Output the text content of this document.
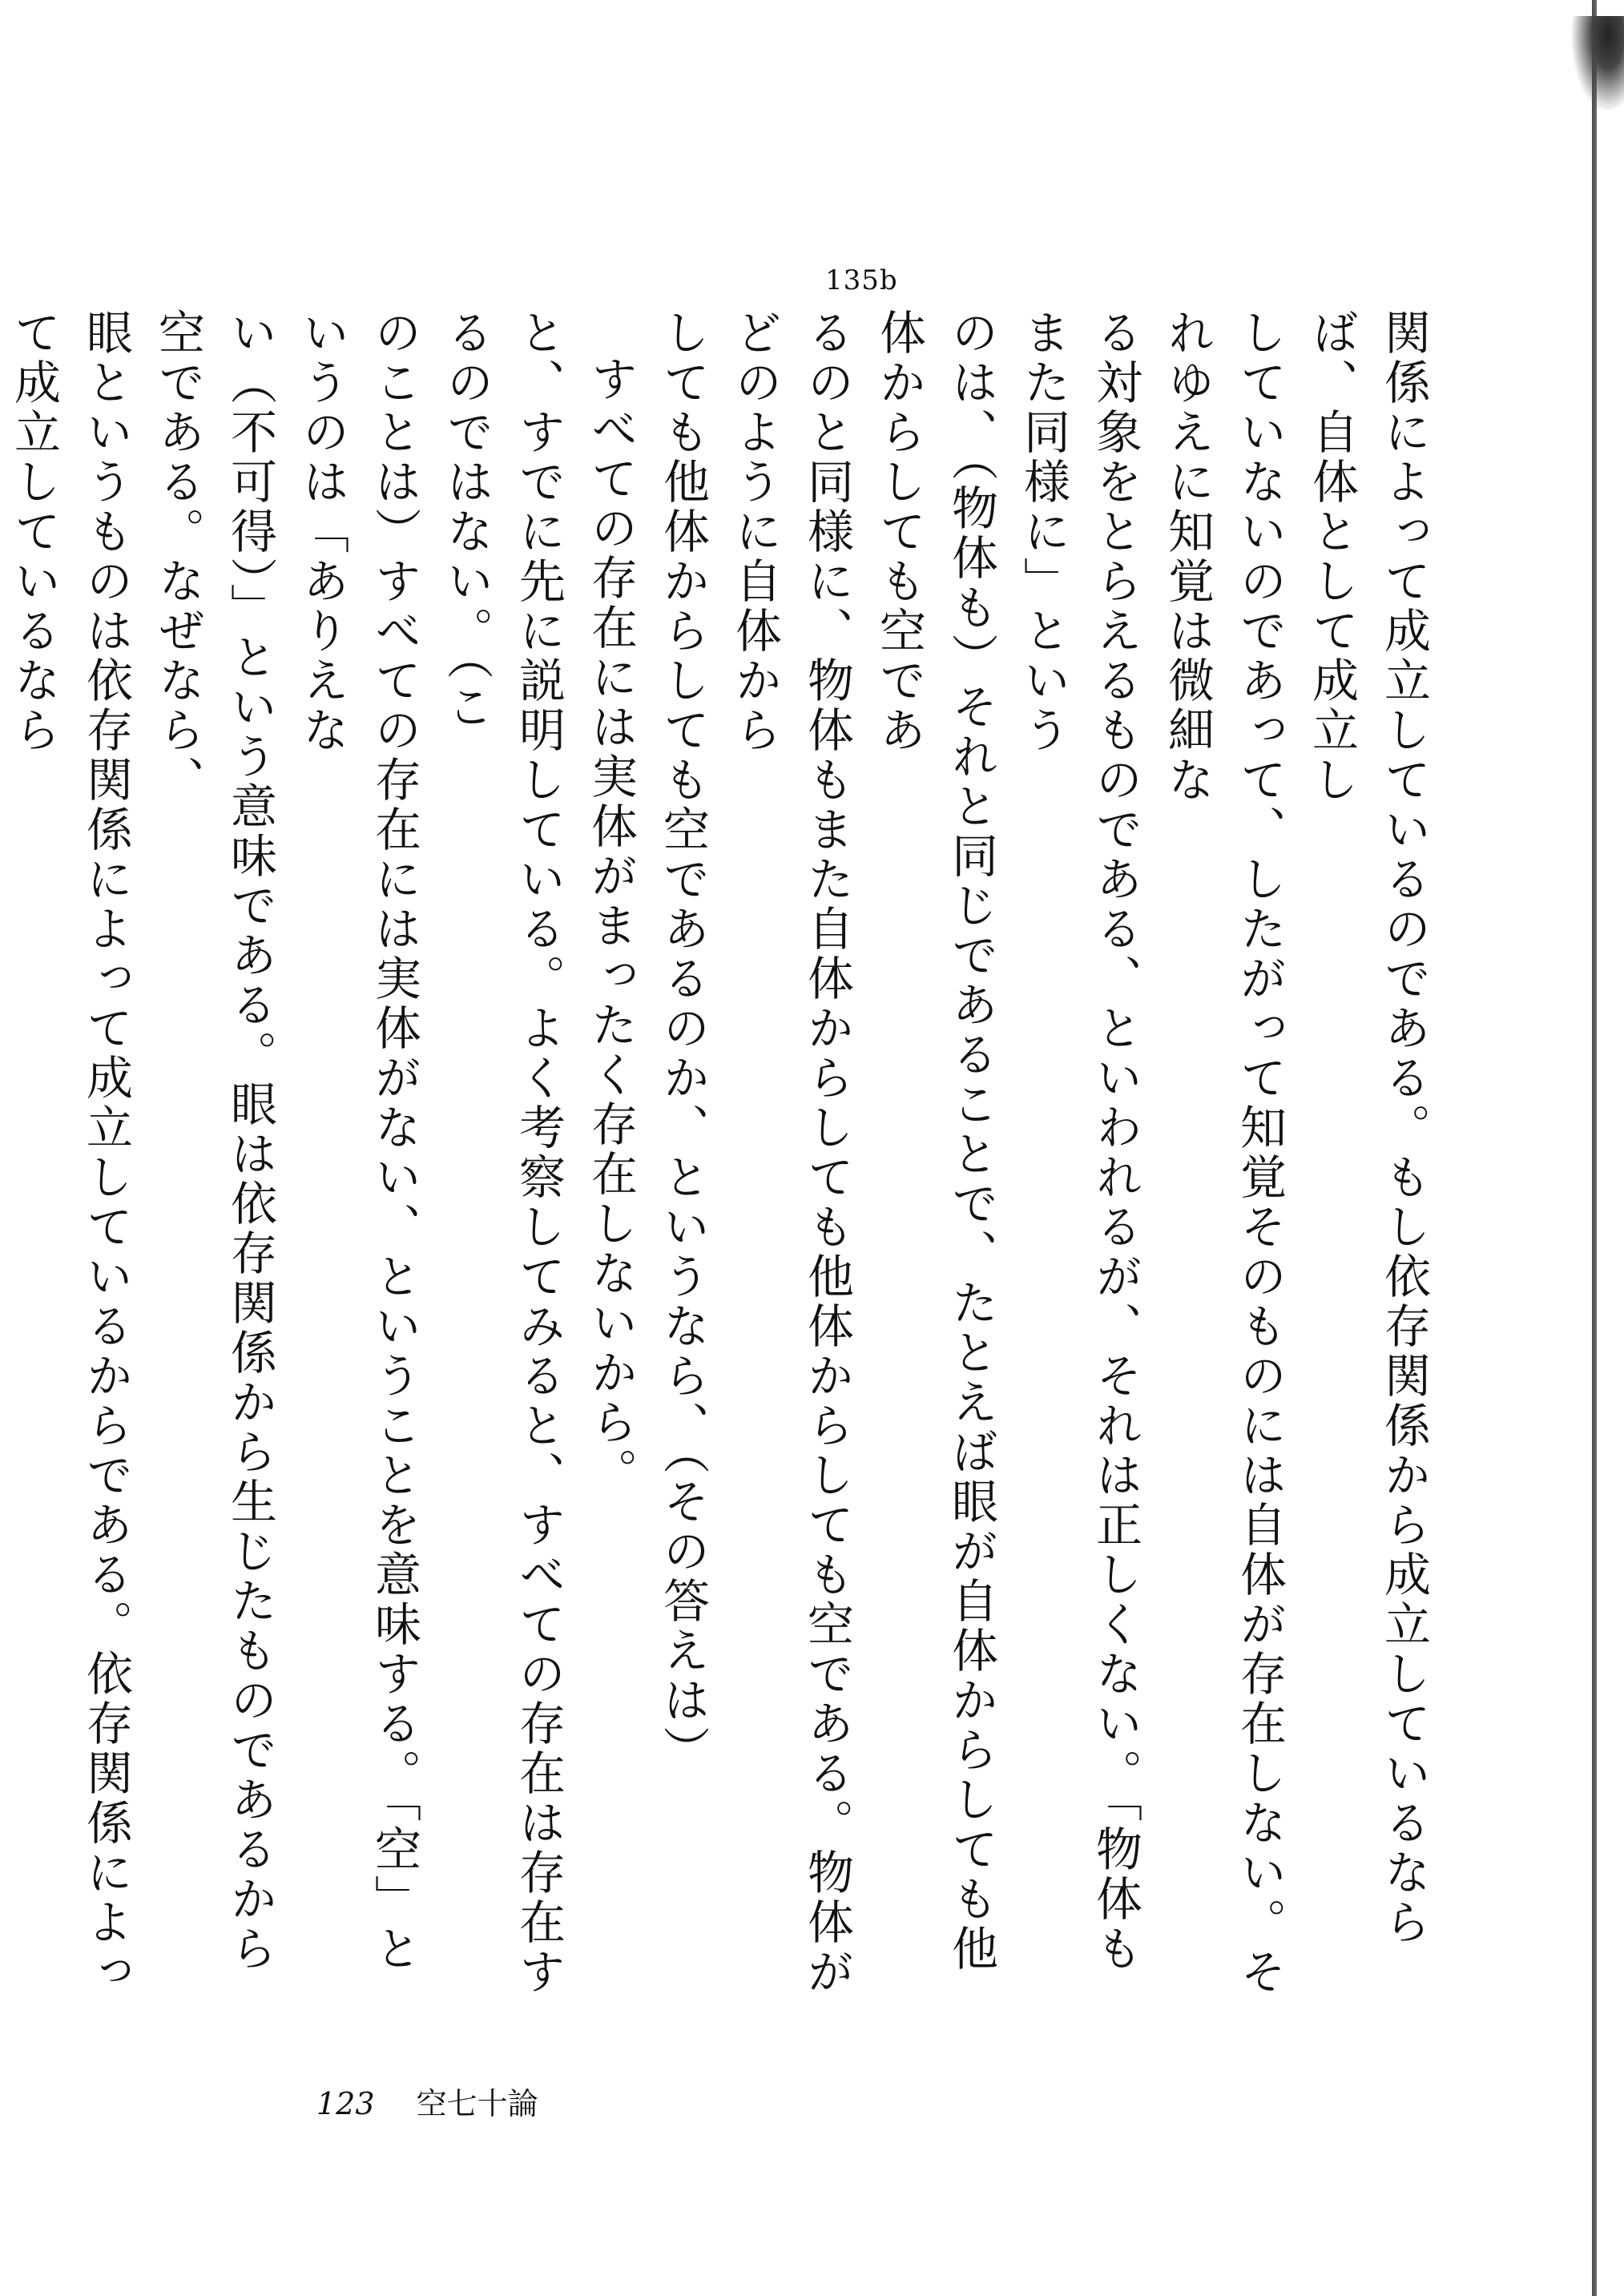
135b
関係によって成立しているのである。もし依存関係から成立しているならば、自体として成立し
していないのであって、したがって知覚そのものには自体が存在しない。それゆえに知覚は微細な
る対象をとらえるものである、といわれるが、それは正しくない。「物体もまた同様に」という
のは、（物体も）それと同じであることで、たとえば眼が自体からしても他体からしても空であ
るのと同様に、物体もまた自体からしても他体からしても空である。物体がどのように自体から
しても他体からしても空であるのか、というなら、（その答えは）
すべての存在には実体がまったく存在しないから。
と、すでに先に説明している。よく考察してみると、すべての存在は存在するのではない。（こ
のことは）すべての存在には実体がない、ということを意味する。「空」というのは「ありえな
い（不可得）」という意味である。眼は依存関係から生じたものであるから空である。なぜなら、
眼というものは依存関係によって成立しているからである。依存関係によって成立しているなら
123 空七十論
